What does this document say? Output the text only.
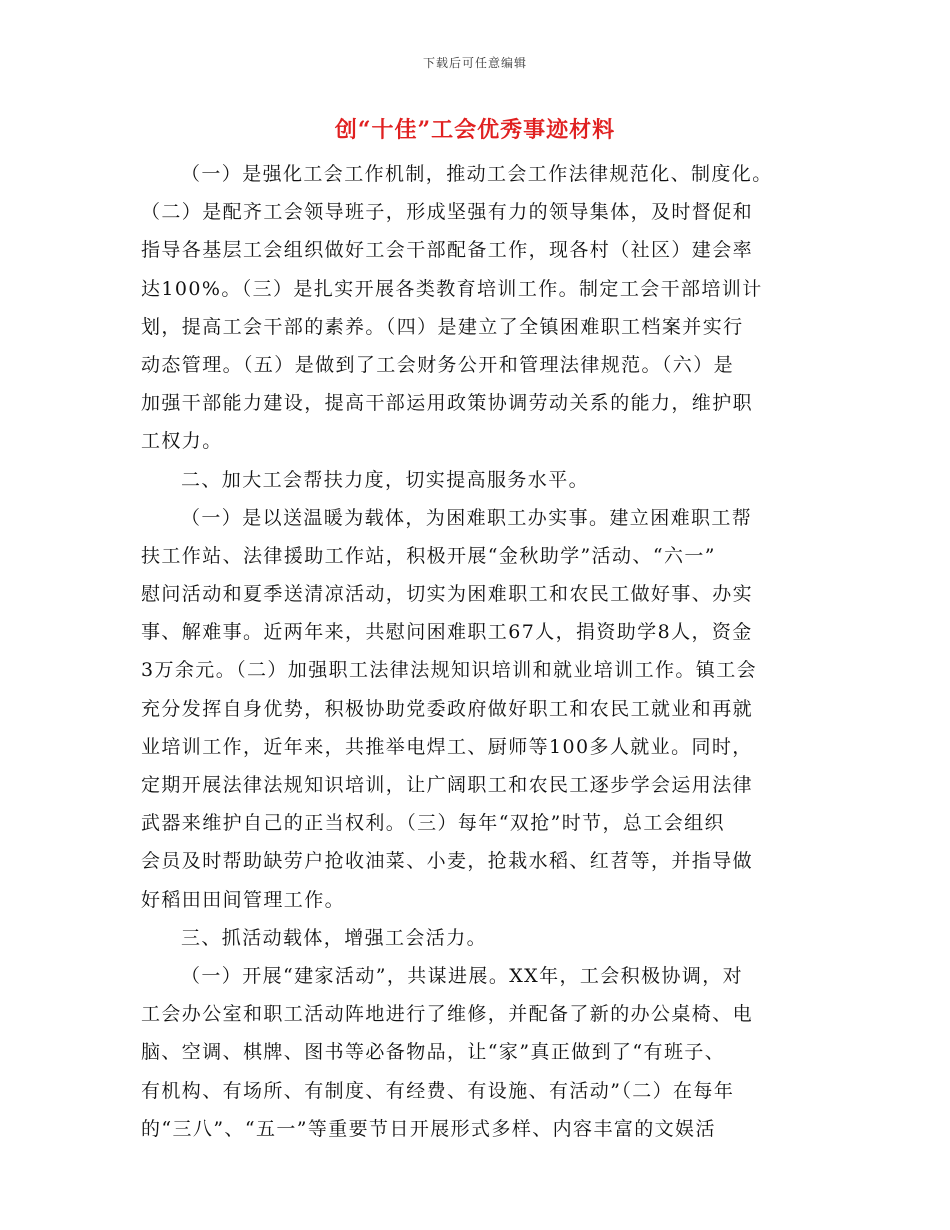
下载后可任意编辑
创“十佳”工会优秀事迹材料
（一）是强化工会工作机制，推动工会工作法律规范化、制度化。
（二）是配齐工会领导班子，形成坚强有力的领导集体，及时督促和
指导各基层工会组织做好工会干部配备工作，现各村（社区）建会率
达100%。（三）是扎实开展各类教育培训工作。制定工会干部培训计
划，提高工会干部的素养。（四）是建立了全镇困难职工档案并实行
动态管理。（五）是做到了工会财务公开和管理法律规范。（六）是
加强干部能力建设，提高干部运用政策协调劳动关系的能力，维护职
工权力。
二、加大工会帮扶力度，切实提高服务水平。
（一）是以送温暖为载体，为困难职工办实事。建立困难职工帮
扶工作站、法律援助工作站，积极开展“金秋助学”活动、“六一”
慰问活动和夏季送清凉活动，切实为困难职工和农民工做好事、办实
事、解难事。近两年来，共慰问困难职工67人，捐资助学8人，资金
3万余元。（二）加强职工法律法规知识培训和就业培训工作。镇工会
充分发挥自身优势，积极协助党委政府做好职工和农民工就业和再就
业培训工作，近年来，共推举电焊工、厨师等100多人就业。同时，
定期开展法律法规知识培训，让广阔职工和农民工逐步学会运用法律
武器来维护自己的正当权利。（三）每年“双抢”时节，总工会组织
会员及时帮助缺劳户抢收油菜、小麦，抢栽水稻、红苕等，并指导做
好稻田田间管理工作。
三、抓活动载体，增强工会活力。
（一）开展“建家活动”，共谋进展。XX年，工会积极协调，对
工会办公室和职工活动阵地进行了维修，并配备了新的办公桌椅、电
脑、空调、棋牌、图书等必备物品，让“家”真正做到了“有班子、
有机构、有场所、有制度、有经费、有设施、有活动”（二）在每年
的“三八”、“五一”等重要节日开展形式多样、内容丰富的文娱活
